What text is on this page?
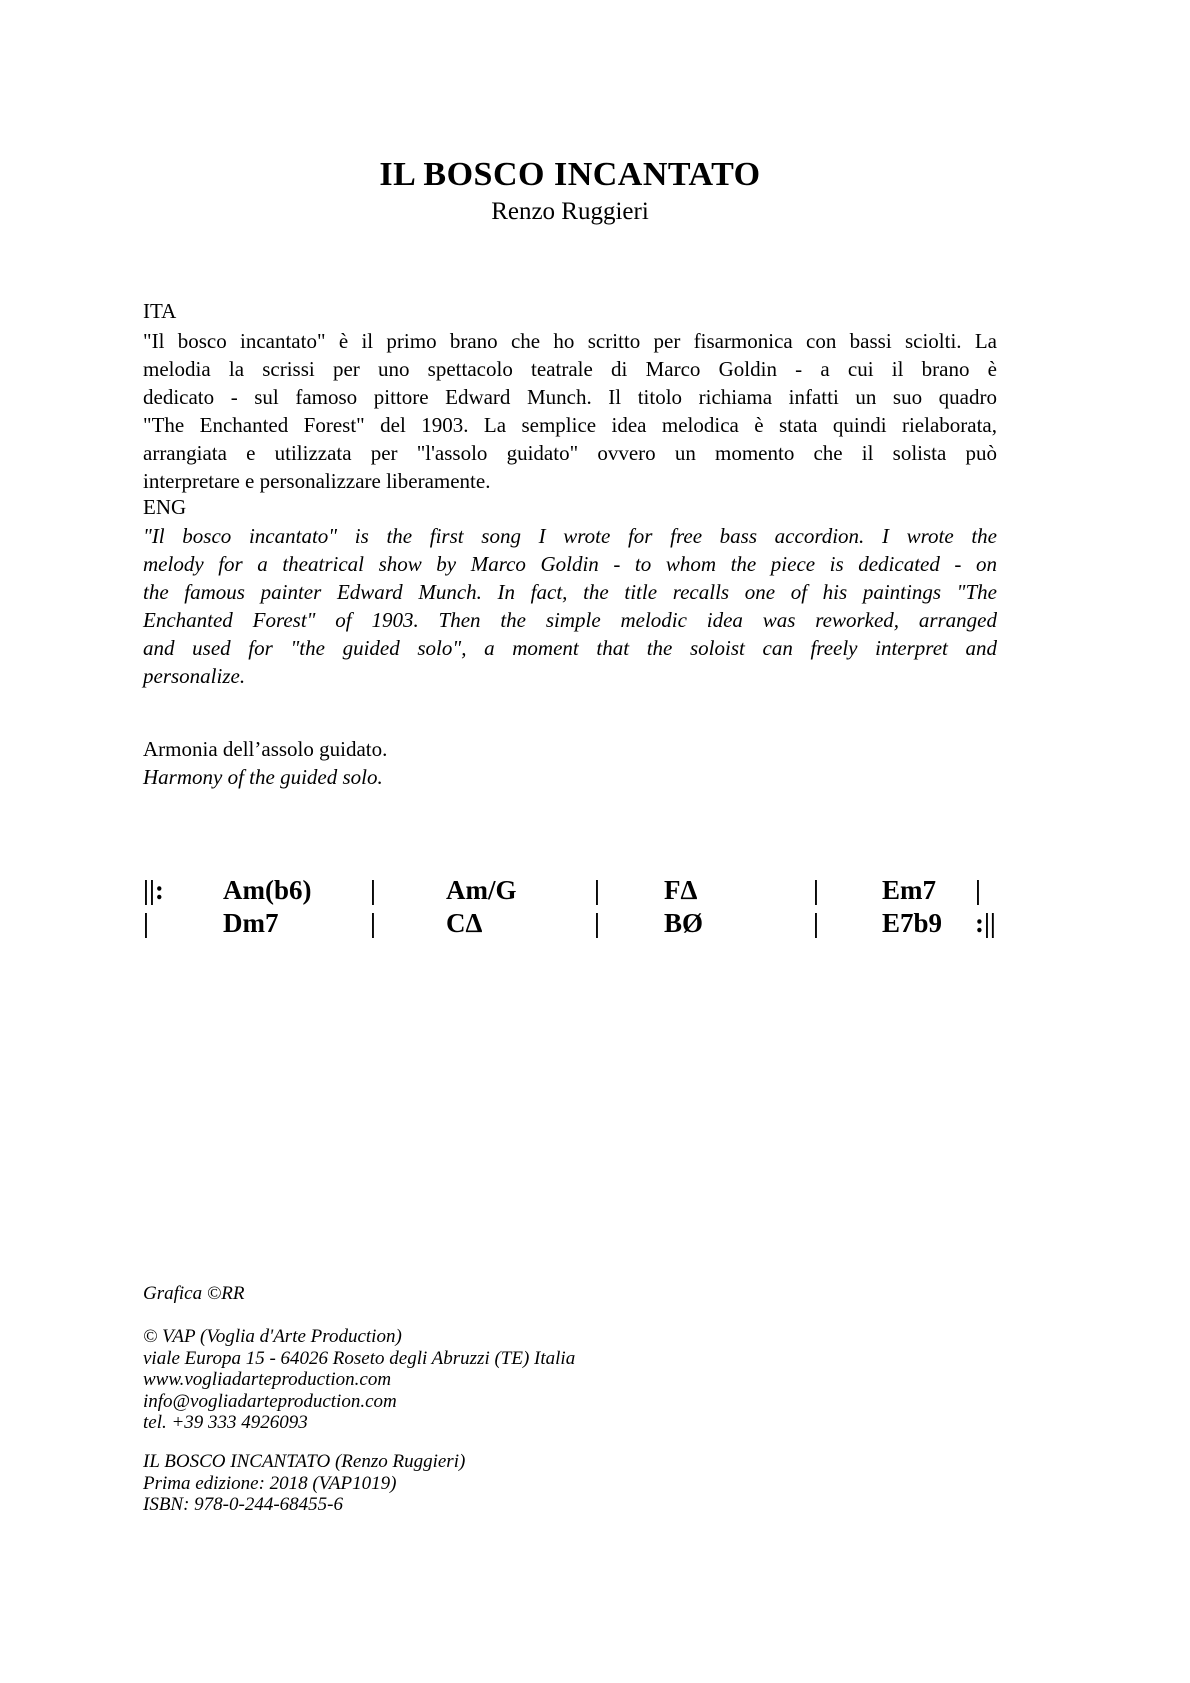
IL BOSCO INCANTATO
Renzo Ruggieri
ITA
"Il bosco incantato" è il primo brano che ho scritto per fisarmonica con bassi sciolti. La
melodia la scrissi per uno spettacolo teatrale di Marco Goldin - a cui il brano è
dedicato - sul famoso pittore Edward Munch. Il titolo richiama infatti un suo quadro
"The Enchanted Forest" del 1903. La semplice idea melodica è stata quindi rielaborata,
arrangiata e utilizzata per "l'assolo guidato" ovvero un momento che il solista può
interpretare e personalizzare liberamente.
ENG
"Il bosco incantato" is the first song I wrote for free bass accordion. I wrote the
melody for a theatrical show by Marco Goldin - to whom the piece is dedicated - on
the famous painter Edward Munch. In fact, the title recalls one of his paintings "The
Enchanted Forest" of 1903. Then the simple melodic idea was reworked, arranged
and used for "the guided solo", a moment that the soloist can freely interpret and
personalize.
Armonia dell’assolo guidato.
Harmony of the guided solo.
||:	Am(b6)	|	Am/G	|	FΔ	|	Em7	|
|	Dm7	|	CΔ	|	BØ	|	E7b9	:||
Grafica ©RR
© VAP (Voglia d'Arte Production)
viale Europa 15 - 64026 Roseto degli Abruzzi (TE) Italia
www.vogliadarteproduction.com
info@vogliadarteproduction.com
tel. +39 333 4926093
IL BOSCO INCANTATO (Renzo Ruggieri)
Prima edizione: 2018 (VAP1019)
ISBN: 978-0-244-68455-6
